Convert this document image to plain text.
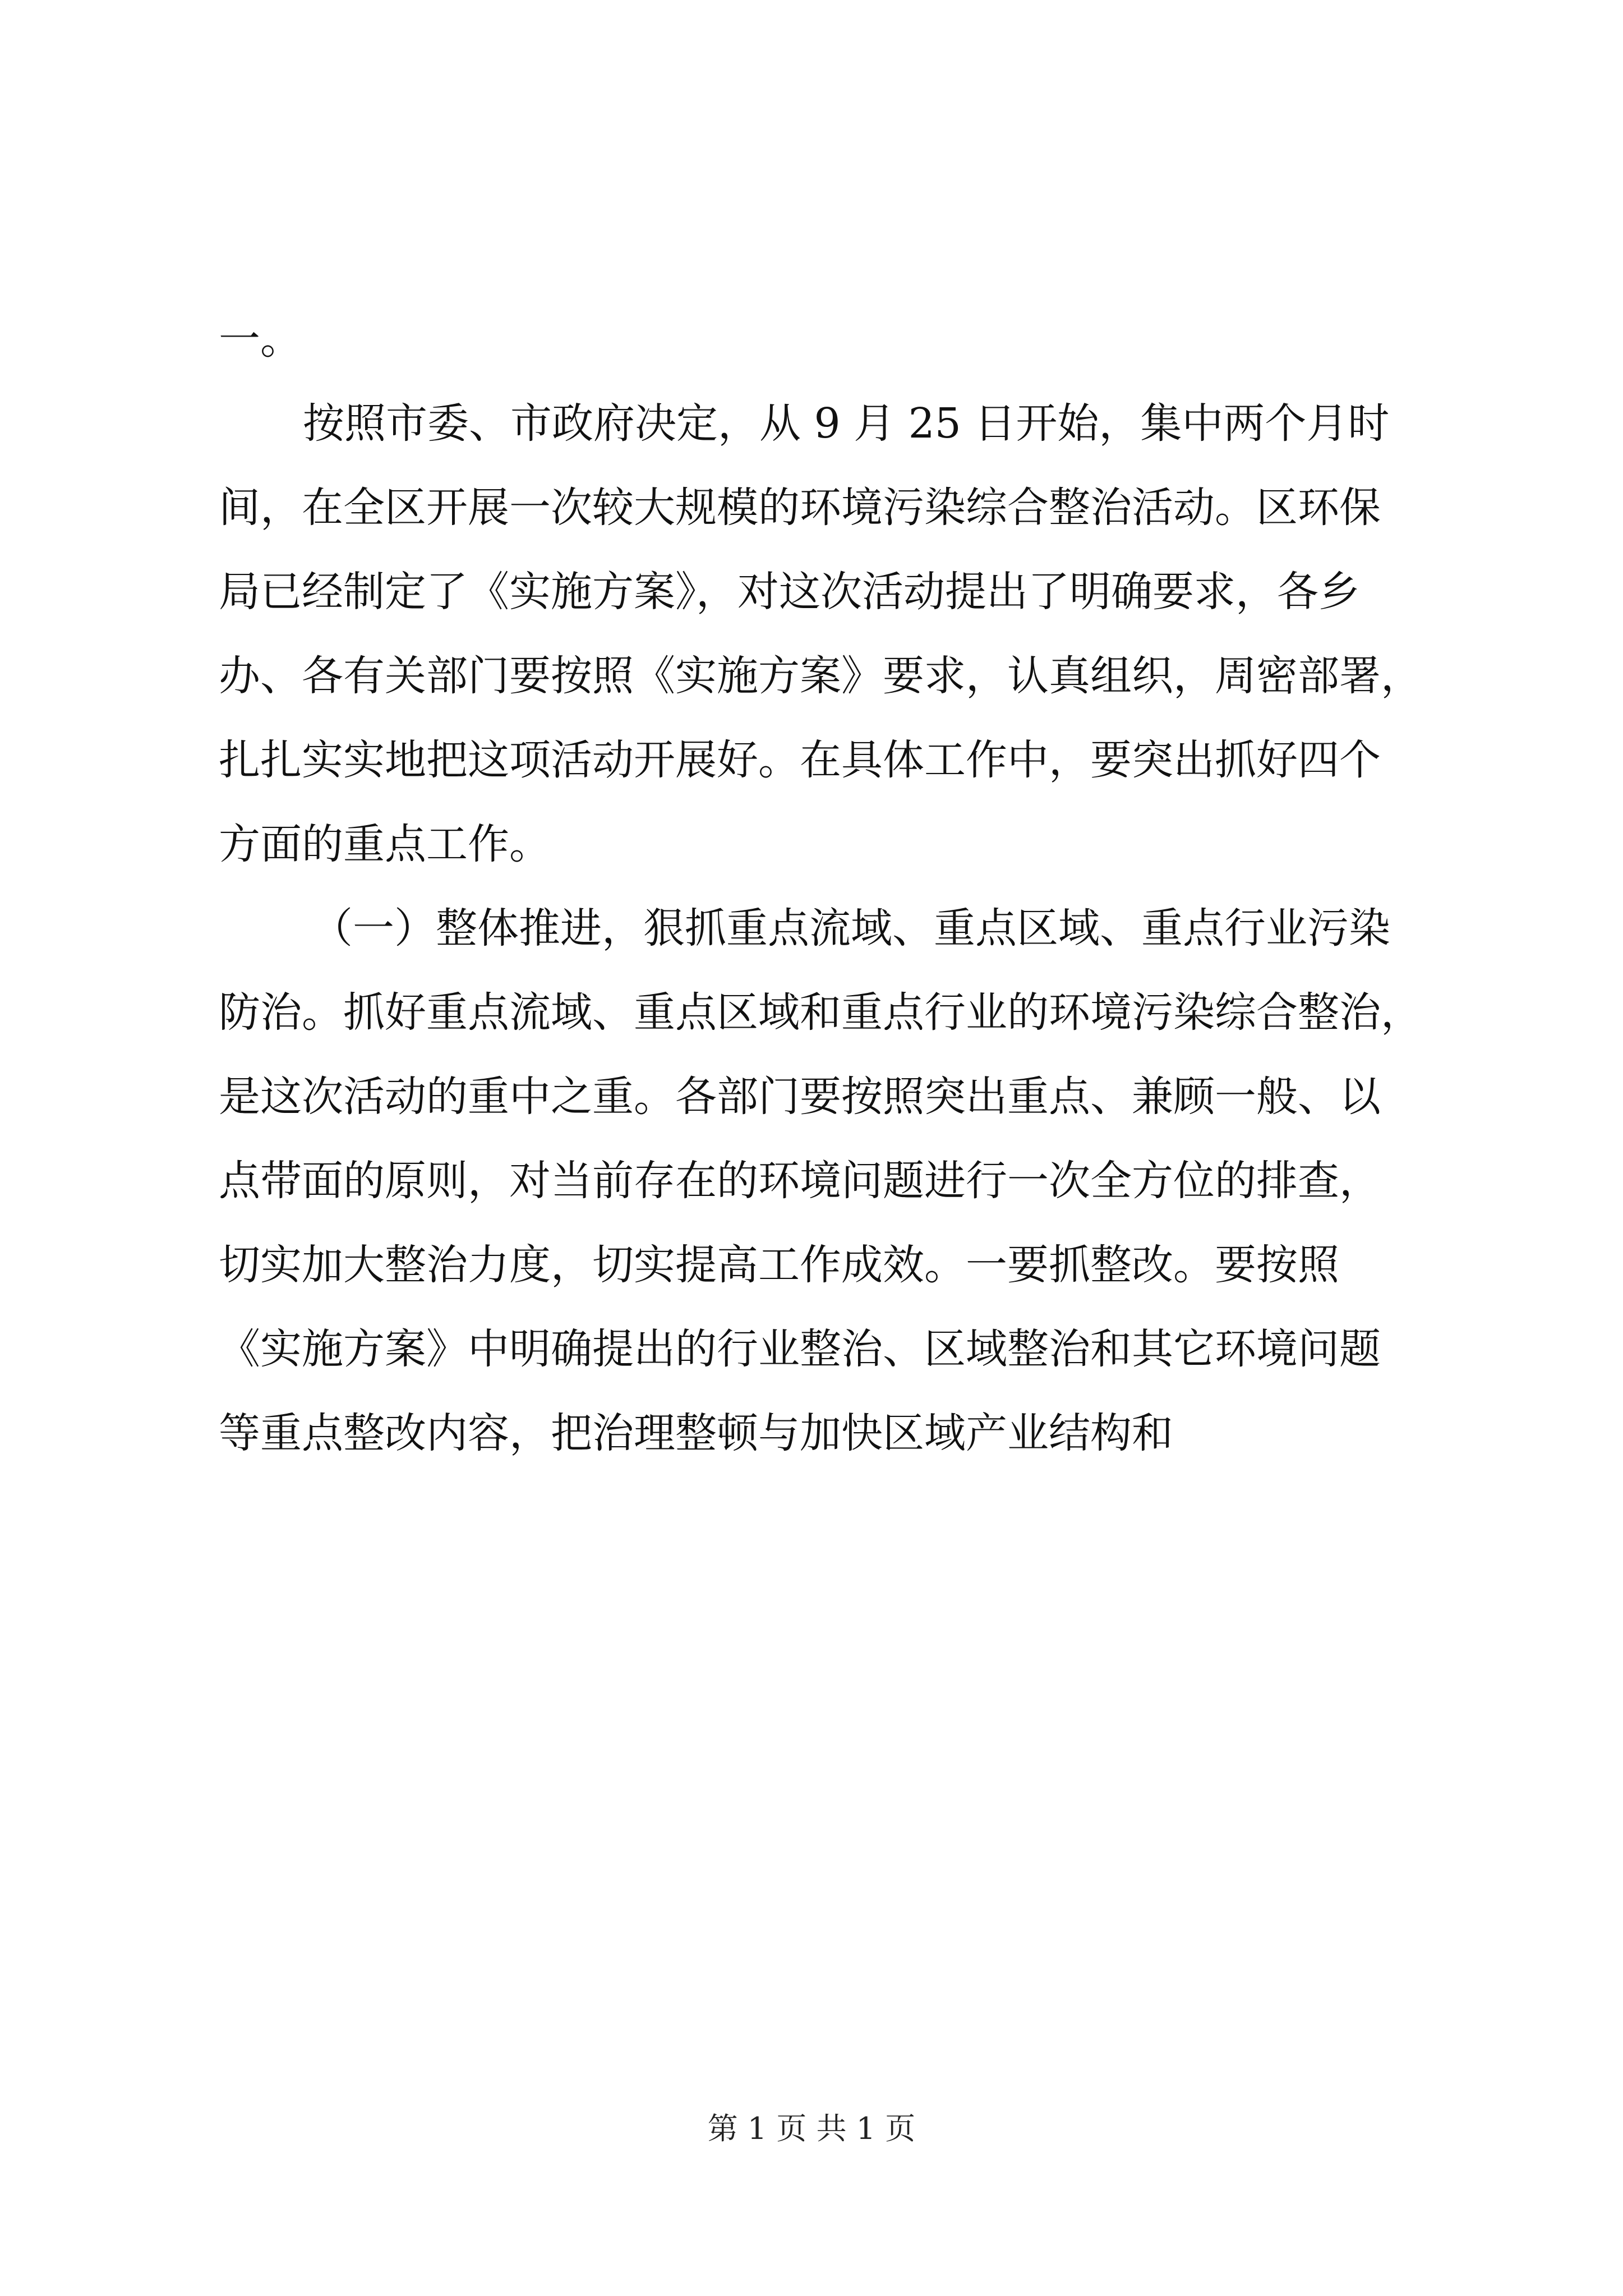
一。

按照市委、市政府决定，从 9 月 25 日开始，集中两个月时

间，在全区开展一次较大规模的环境污染综合整治活动。区环保

局已经制定了《实施方案》，对这次活动提出了明确要求，各乡

办、各有关部门要按照《实施方案》要求，认真组织，周密部署，

扎扎实实地把这项活动开展好。在具体工作中，要突出抓好四个

方面的重点工作。

（一）整体推进，狠抓重点流域、重点区域、重点行业污染

防治。抓好重点流域、重点区域和重点行业的环境污染综合整治，

是这次活动的重中之重。各部门要按照突出重点、兼顾一般、以

点带面的原则，对当前存在的环境问题进行一次全方位的排查，

切实加大整治力度，切实提高工作成效。一要抓整改。要按照

《实施方案》中明确提出的行业整治、区域整治和其它环境问题

等重点整改内容，把治理整顿与加快区域产业结构和

第 1 页 共 1 页
